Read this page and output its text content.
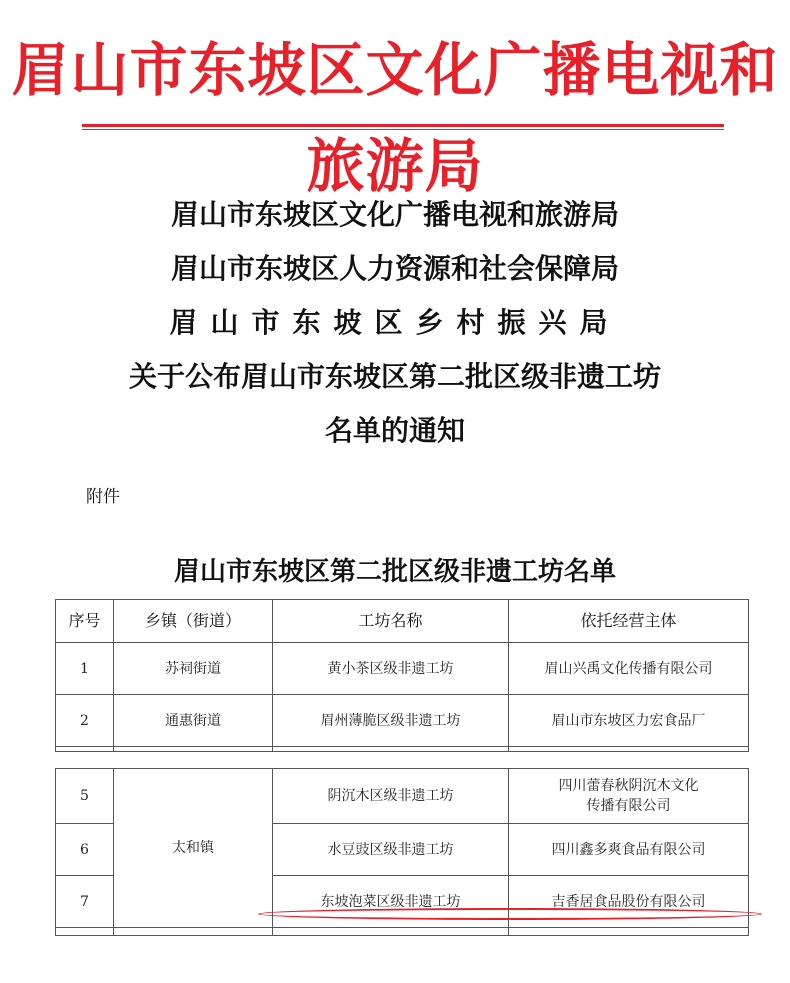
眉山市东坡区文化广播电视和旅游局
眉山市东坡区文化广播电视和旅游局
眉山市东坡区人力资源和社会保障局
眉山市东坡区乡村振兴局
关于公布眉山市东坡区第二批区级非遗工坊
名单的通知
附件
眉山市东坡区第二批区级非遗工坊名单
序号	乡镇（街道）	工坊名称	依托经营主体
1	苏祠街道	黄小茶区级非遗工坊	眉山兴禹文化传播有限公司
2	通惠街道	眉州薄脆区级非遗工坊	眉山市东坡区力宏食品厂

5	太和镇	阴沉木区级非遗工坊	四川蕾春秋阴沉木文化
传播有限公司

6		水豆豉区级非遗工坊	四川鑫多爽食品有限公司
7		东坡泡菜区级非遗工坊	吉香居食品股份有限公司
